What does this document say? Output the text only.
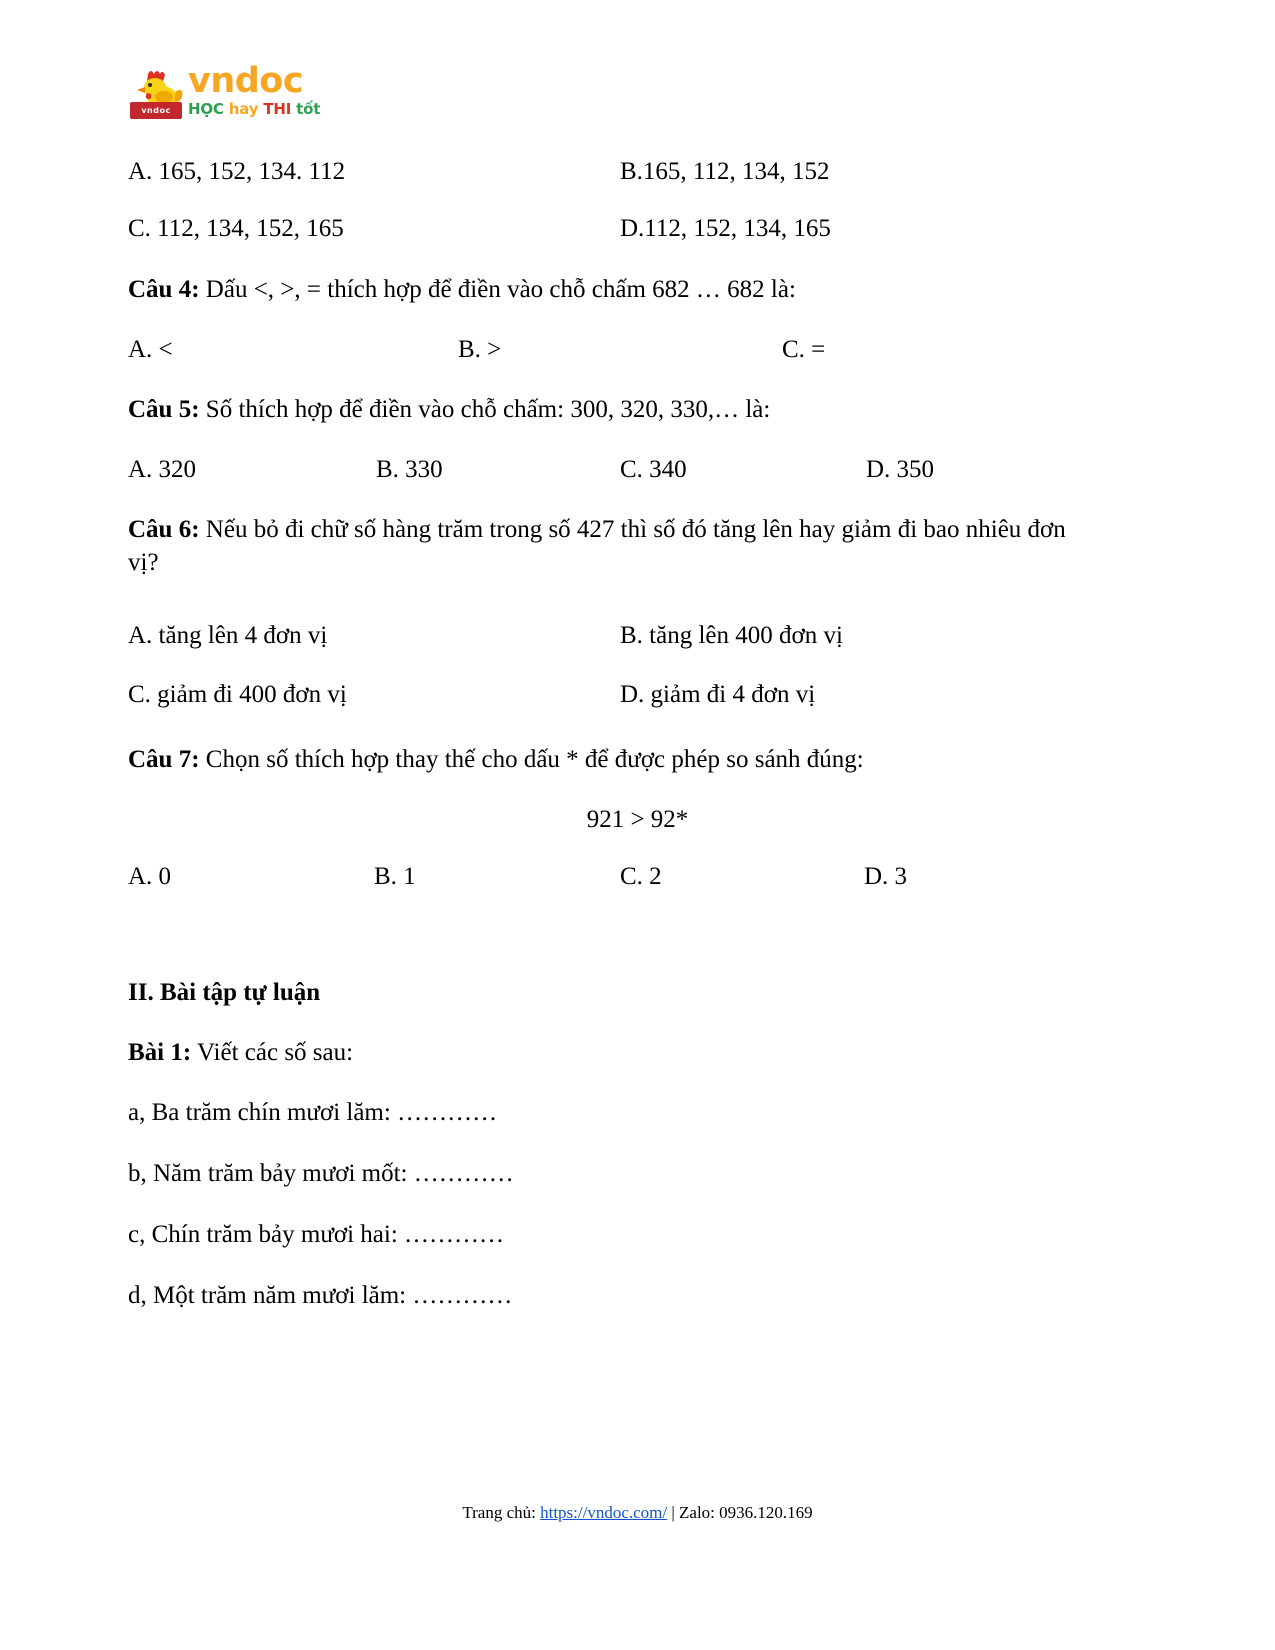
vndoc
vndoc
HỌC hay THI tốt
A. 165, 152, 134. 112	B.165, 112, 134, 152
C. 112, 134, 152, 165	D.112, 152, 134, 165
Câu 4: Dấu <, >, = thích hợp để điền vào chỗ chấm 682 … 682 là:
A. <	B. >	C. =
Câu 5: Số thích hợp để điền vào chỗ chấm: 300, 320, 330,… là:
A. 320	B. 330	C. 340	D. 350
Câu 6: Nếu bỏ đi chữ số hàng trăm trong số 427 thì số đó tăng lên hay giảm đi bao nhiêu đơn vị?
A. tăng lên 4 đơn vị	B. tăng lên 400 đơn vị
C. giảm đi 400 đơn vị	D. giảm đi 4 đơn vị
Câu 7: Chọn số thích hợp thay thế cho dấu * để được phép so sánh đúng:
921 > 92*
A. 0	B. 1	C. 2	D. 3
II. Bài tập tự luận
Bài 1: Viết các số sau:
a, Ba trăm chín mươi lăm: …………
b, Năm trăm bảy mươi mốt: …………
c, Chín trăm bảy mươi hai: …………
d, Một trăm năm mươi lăm: …………
Trang chủ: https://vndoc.com/ | Zalo: 0936.120.169
